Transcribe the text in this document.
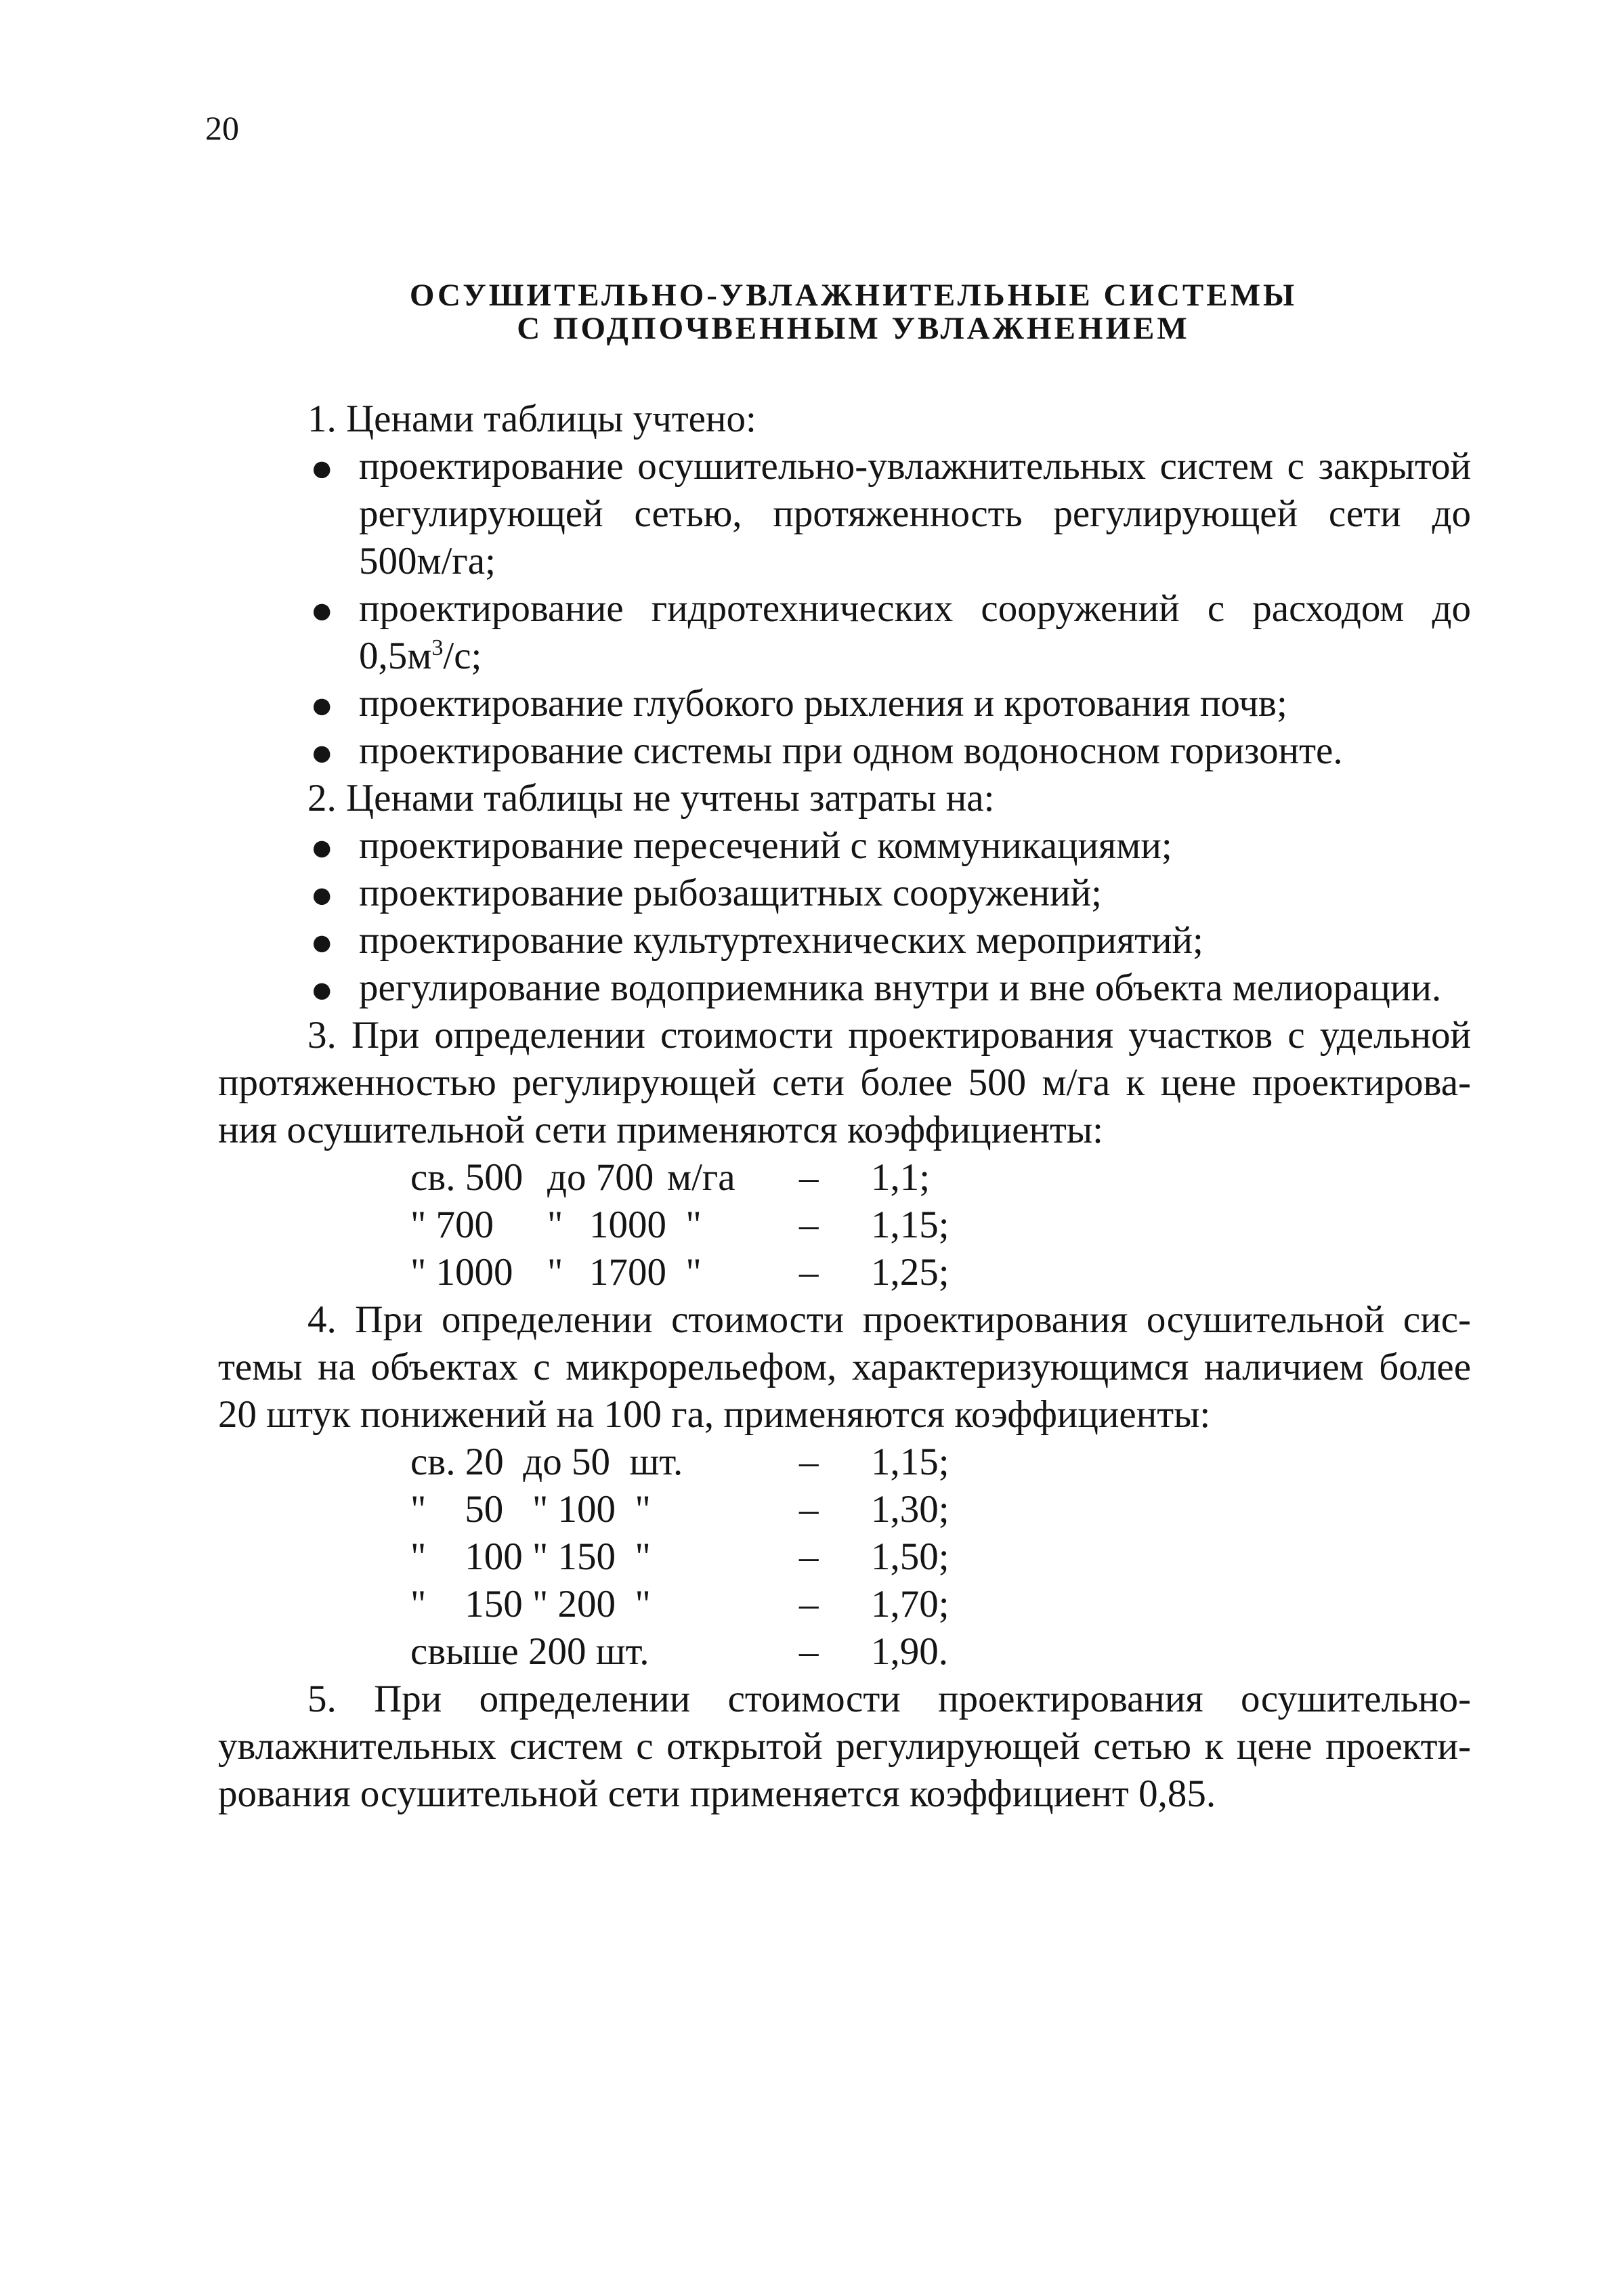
20
ОСУШИТЕЛЬНО-УВЛАЖНИТЕЛЬНЫЕ СИСТЕМЫ
С ПОДПОЧВЕННЫМ УВЛАЖНЕНИЕМ
1. Ценами таблицы учтено:
● проектирование осушительно-увлажнительных систем с закрытой
регулирующей сетью, протяженность регулирующей сети до
500м/га;
● проектирование гидротехнических сооружений с расходом до
$0,5м^3/с$;
● проектирование глубокого рыхления и кротования почв;
● проектирование системы при одном водоносном горизонте.
2. Ценами таблицы не учтены затраты на:
● проектирование пересечений с коммуникациями;
● проектирование рыбозащитных сооружений;
● проектирование культуртехнических мероприятий;
● регулирование водоприемника внутри и вне объекта мелиорации.
3. При определении стоимости проектирования участков с удельной
протяженностью регулирующей сети более 500 м/га к цене проектирова-
ния осушительной сети применяются коэффициенты:
св. 500 до 700 м/га – 1,1;
" 700 " 1000  "	– 1,15;
" 1000 " 1700  "	– 1,25;
4. При определении стоимости проектирования осушительной сис-
темы на объектах с микрорельефом, характеризующимся наличием более
20 штук понижений на 100 га, применяются коэффициенты:
св. 20  до 50  шт.	– 1,15;
"    50   " 100  "	– 1,30;
"    100 " 150  "	– 1,50;
"    150 " 200  "	– 1,70;
свыше 200 шт.	– 1,90.
5. При определении стоимости проектирования осушительно-
увлажнительных систем с открытой регулирующей сетью к цене проекти-
рования осушительной сети применяется коэффициент 0,85.
